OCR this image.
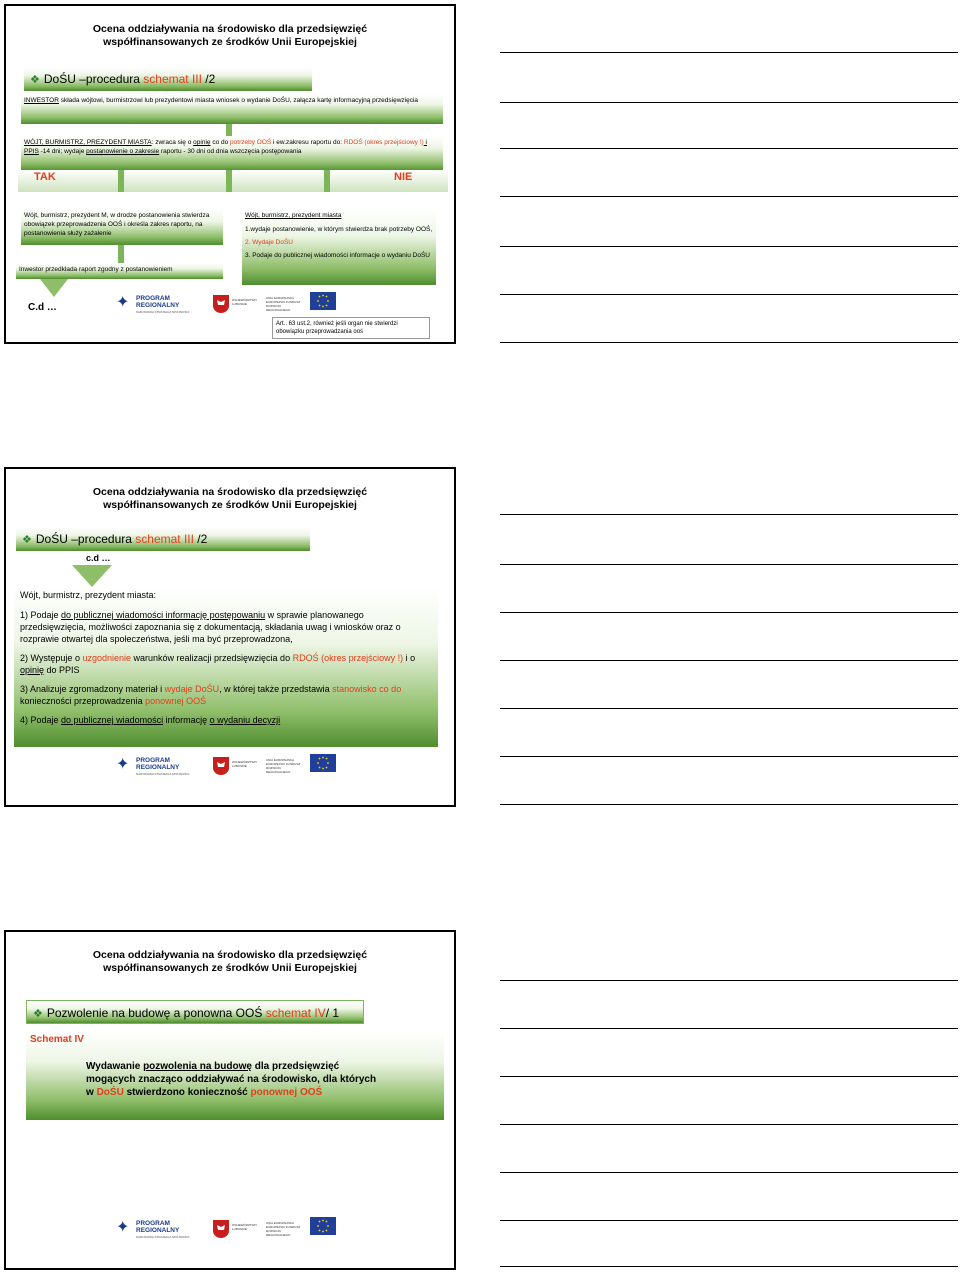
Ocena oddziaływania na środowisko dla przedsięwzięć
współfinansowanych ze środków Unii Europejskiej
❖ DoŚU –procedura schemat III /2
INWESTOR składa wójtowi, burmistrzowi lub prezydentowi miasta wniosek o wydanie DoŚU, załącza kartę informacyjną przedsięwzięcia
WÓJT, BURMISTRZ, PREZYDENT MIASTA: zwraca się o opinię co do potrzeby OOŚ i ew.zakresu raportu do: RDOŚ (okres przejściowy !) i PPIS -14 dni; wydaje postanowienie o zakresie raportu - 30 dni od dnia wszczęcia postępowania
TAK	NIE
Wójt, burmistrz, prezydent M, w drodze postanowienia stwierdza obowiązek przeprowadzenia OOŚ i określa zakres raportu, na postanowienia służy zażalenie
Inwestor przedkłada raport zgodny z postanowieniem
Wójt, burmistrz, prezydent miasta
1.wydaje postanowienie, w którym stwierdza brak potrzeby OOŚ,
2. Wydaje DoŚU
3. Podaje do publicznej wiadomości informacje o wydaniu DoŚU
C.d …	✦	PROGRAM
REGIONALNY
NARODOWA STRATEGIA SPÓJNOŚCI
WOJEWÓDZTWO LUBUSKIE
UNIA EUROPEJSKA EUROPEJSKI FUNDUSZ ROZWOJU REGIONALNEGO
Art.. 63 ust.2, również jeśli organ nie stwierdzi obowiązku przeprowadzania ooś
Ocena oddziaływania na środowisko dla przedsięwzięć
współfinansowanych ze środków Unii Europejskiej
❖ DoŚU –procedura schemat III /2
c.d …
Wójt, burmistrz, prezydent miasta:
1) Podaje do publicznej wiadomości informację postępowaniu w sprawie planowanego przedsięwzięcia, możliwości zapoznania się z dokumentacją, składania uwag i wniosków oraz o rozprawie otwartej dla społeczeństwa, jeśli ma być przeprowadzona,
2) Występuje o uzgodnienie warunków realizacji przedsięwzięcia do RDOŚ (okres przejściowy !) i o opinię do PPIS
3) Analizuje zgromadzony materiał i wydaje DoŚU, w której także przedstawia stanowisko co do konieczności przeprowadzenia ponownej OOŚ
4) Podaje do publicznej wiadomości informację o wydaniu decyzji
✦	PROGRAM
REGIONALNY
NARODOWA STRATEGIA SPÓJNOŚCI
WOJEWÓDZTWO LUBUSKIE
UNIA EUROPEJSKA EUROPEJSKI FUNDUSZ ROZWOJU REGIONALNEGO
Ocena oddziaływania na środowisko dla przedsięwzięć
współfinansowanych ze środków Unii Europejskiej
❖ Pozwolenie na budowę a ponowna OOŚ schemat IV/ 1
Schemat IV
Wydawanie pozwolenia na budowę dla przedsięwzięć mogących znacząco oddziaływać na środowisko, dla których w DoŚU stwierdzono konieczność ponownej OOŚ
✦	PROGRAM
REGIONALNY
NARODOWA STRATEGIA SPÓJNOŚCI
WOJEWÓDZTWO LUBUSKIE
UNIA EUROPEJSKA EUROPEJSKI FUNDUSZ ROZWOJU REGIONALNEGO
